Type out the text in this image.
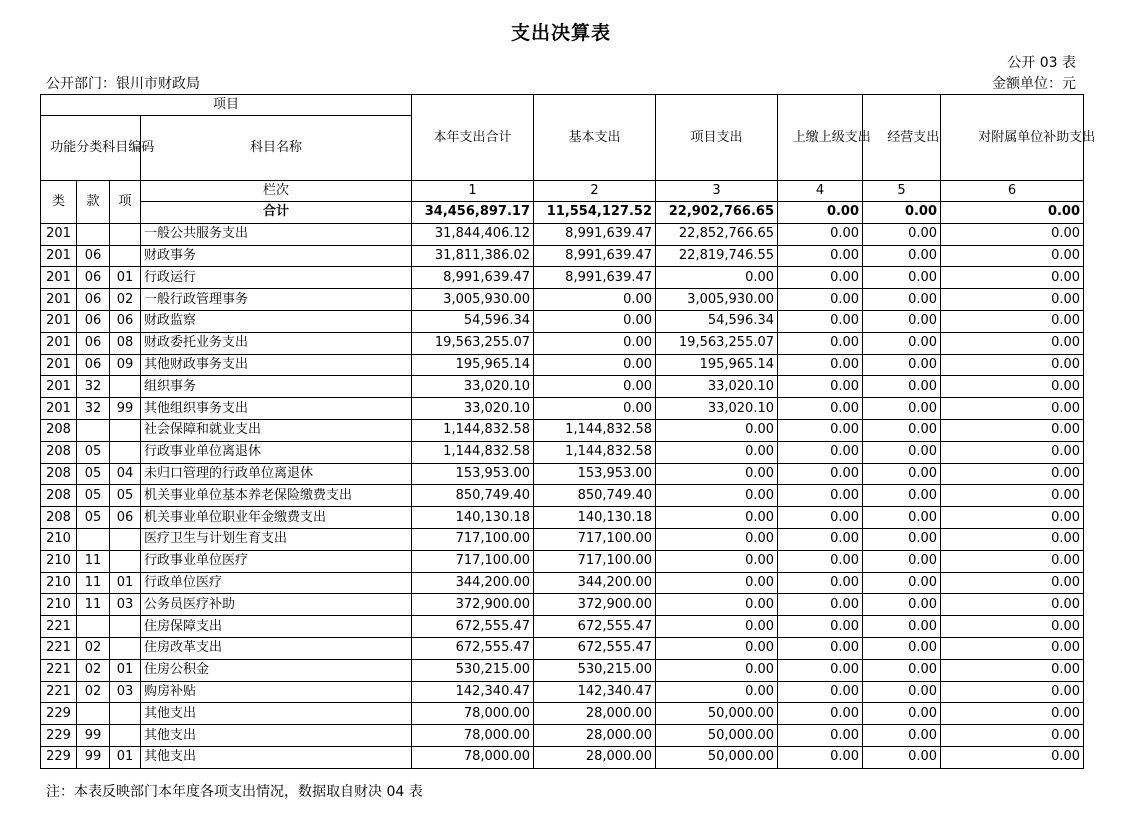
支出决算表
公开 03 表
公开部门：银川市财政局	金额单位：元
项目				本年支出合计	基本支出	项目支出	上缴上级支出	经营支出	对附属单位补助支出

功能分类科目编码			科目名称						
类	款	项	栏次	1	2	3	4	5	6
			合计	34,456,897.17	11,554,127.52	22,902,766.65	0.00	0.00	0.00
201			一般公共服务支出	31,844,406.12	8,991,639.47	22,852,766.65	0.00	0.00	0.00
201	06		财政事务	31,811,386.02	8,991,639.47	22,819,746.55	0.00	0.00	0.00
201	06	01	行政运行	8,991,639.47	8,991,639.47	0.00	0.00	0.00	0.00
201	06	02	一般行政管理事务	3,005,930.00	0.00	3,005,930.00	0.00	0.00	0.00
201	06	06	财政监察	54,596.34	0.00	54,596.34	0.00	0.00	0.00
201	06	08	财政委托业务支出	19,563,255.07	0.00	19,563,255.07	0.00	0.00	0.00
201	06	09	其他财政事务支出	195,965.14	0.00	195,965.14	0.00	0.00	0.00
201	32		组织事务	33,020.10	0.00	33,020.10	0.00	0.00	0.00
201	32	99	其他组织事务支出	33,020.10	0.00	33,020.10	0.00	0.00	0.00
208			社会保障和就业支出	1,144,832.58	1,144,832.58	0.00	0.00	0.00	0.00
208	05		行政事业单位离退休	1,144,832.58	1,144,832.58	0.00	0.00	0.00	0.00
208	05	04	未归口管理的行政单位离退休	153,953.00	153,953.00	0.00	0.00	0.00	0.00
208	05	05	机关事业单位基本养老保险缴费支出	850,749.40	850,749.40	0.00	0.00	0.00	0.00
208	05	06	机关事业单位职业年金缴费支出	140,130.18	140,130.18	0.00	0.00	0.00	0.00
210			医疗卫生与计划生育支出	717,100.00	717,100.00	0.00	0.00	0.00	0.00
210	11		行政事业单位医疗	717,100.00	717,100.00	0.00	0.00	0.00	0.00
210	11	01	行政单位医疗	344,200.00	344,200.00	0.00	0.00	0.00	0.00
210	11	03	公务员医疗补助	372,900.00	372,900.00	0.00	0.00	0.00	0.00
221			住房保障支出	672,555.47	672,555.47	0.00	0.00	0.00	0.00
221	02		住房改革支出	672,555.47	672,555.47	0.00	0.00	0.00	0.00
221	02	01	住房公积金	530,215.00	530,215.00	0.00	0.00	0.00	0.00
221	02	03	购房补贴	142,340.47	142,340.47	0.00	0.00	0.00	0.00
229			其他支出	78,000.00	28,000.00	50,000.00	0.00	0.00	0.00
229	99		其他支出	78,000.00	28,000.00	50,000.00	0.00	0.00	0.00
229	99	01	其他支出	78,000.00	28,000.00	50,000.00	0.00	0.00	0.00
注：本表反映部门本年度各项支出情况，数据取自财决 04 表
